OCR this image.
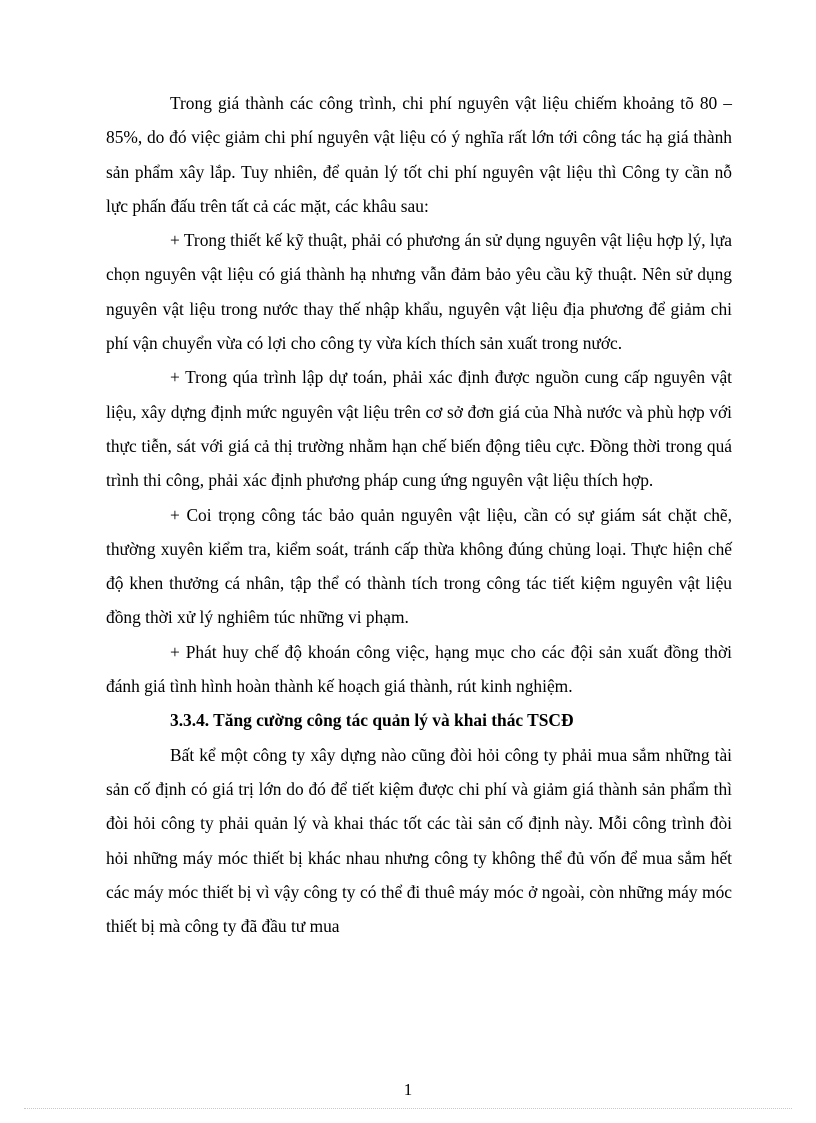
Trong giá thành các công trình, chi phí nguyên vật liệu chiếm khoảng tõ 80 – 85%, do đó việc giảm chi phí nguyên vật liệu có ý nghĩa rất lớn tới công tác hạ giá thành sản phẩm xây lắp. Tuy nhiên, để quản lý tốt chi phí nguyên vật liệu thì Công ty cần nỗ lực phấn đấu trên tất cả các mặt, các khâu sau:

+ Trong thiết kế kỹ thuật, phải có phương án sử dụng nguyên vật liệu hợp lý, lựa chọn nguyên vật liệu có giá thành hạ nhưng vẫn đảm bảo yêu cầu kỹ thuật. Nên sử dụng nguyên vật liệu trong nước thay thế nhập khẩu, nguyên vật liệu địa phương để giảm chi phí vận chuyển vừa có lợi cho công ty vừa kích thích sản xuất trong nước.

+ Trong qúa trình lập dự toán, phải xác định được nguồn cung cấp nguyên vật liệu, xây dựng định mức nguyên vật liệu trên cơ sở đơn giá của Nhà nước và phù hợp với thực tiễn, sát với giá cả thị trường nhằm hạn chế biến động tiêu cực. Đồng thời trong quá trình thi công, phải xác định phương pháp cung ứng nguyên vật liệu thích hợp.

+ Coi trọng công tác bảo quản nguyên vật liệu, cần có sự giám sát chặt chẽ, thường xuyên kiểm tra, kiểm soát, tránh cấp thừa không đúng chủng loại. Thực hiện chế độ khen thưởng cá nhân, tập thể có thành tích trong công tác tiết kiệm nguyên vật liệu đồng thời xử lý nghiêm túc những vi phạm.

+ Phát huy chế độ khoán công việc, hạng mục cho các đội sản xuất đồng thời đánh giá tình hình hoàn thành kế hoạch giá thành, rút kinh nghiệm.

3.3.4. Tăng cường công tác quản lý và khai thác TSCĐ

Bất kể một công ty xây dựng nào cũng đòi hỏi công ty phải mua sắm những tài sản cố định có giá trị lớn do đó để tiết kiệm được chi phí và giảm giá thành sản phẩm thì đòi hỏi công ty phải quản lý và khai thác tốt các tài sản cố định này. Mỗi công trình đòi hỏi những máy móc thiết bị khác nhau nhưng công ty không thể đủ vốn để mua sắm hết các máy móc thiết bị vì vậy công ty có thể đi thuê máy móc ở ngoài, còn những máy móc thiết bị mà công ty đã đầu tư mua

1
